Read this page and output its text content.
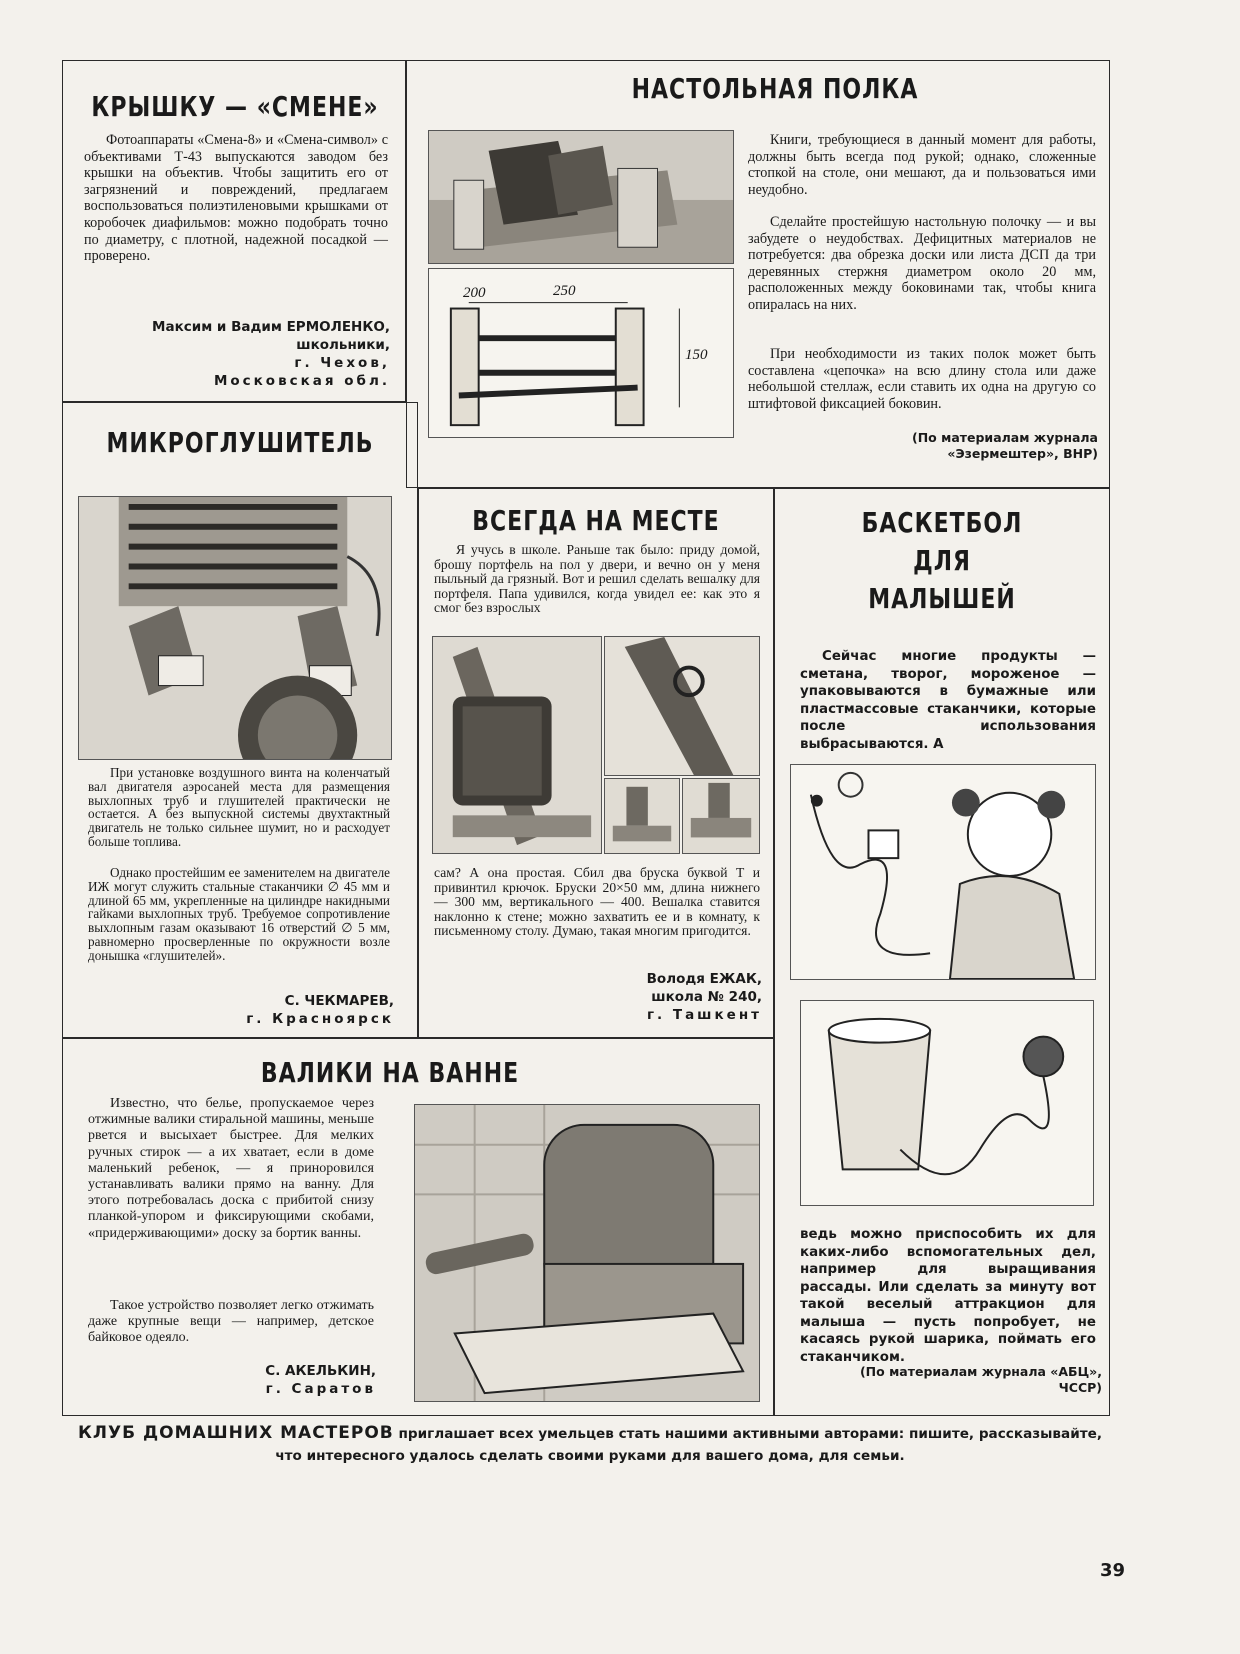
КРЫШКУ — «СМЕНЕ»
Фотоаппараты «Смена-8» и «Смена-символ» с объективами Т-43 выпускаются заводом без крышки на объектив. Чтобы защитить его от загрязнений и повреждений, предлагаем воспользоваться полиэтиленовыми крышками от коробочек диафильмов: можно подобрать точно по диаметру, с плотной, надежной посадкой — проверено.
Максим и Вадим ЕРМОЛЕНКО,
школьники,
г. Чехов,
Московская обл.
НАСТОЛЬНАЯ ПОЛКА
200	250
150
Книги, требующиеся в данный момент для работы, должны быть всегда под рукой; однако, сложенные стопкой на столе, они мешают, да и пользоваться ими неудобно.
Сделайте простейшую настольную полочку — и вы забудете о неудобствах. Дефицитных материалов не потребуется: два обрезка доски или листа ДСП да три деревянных стержня диаметром около 20 мм, расположенных между боковинами так, чтобы книга опиралась на них.
При необходимости из таких полок может быть составлена «цепочка» на всю длину стола или даже небольшой стеллаж, если ставить их одна на другую со штифтовой фиксацией боковин.
(По материалам журнала «Эзермештер», ВНР)
МИКРОГЛУШИТЕЛЬ
При установке воздушного винта на коленчатый вал двигателя аэросаней места для размещения выхлопных труб и глушителей практически не остается. А без выпускной системы двухтактный двигатель не только сильнее шумит, но и расходует больше топлива.
Однако простейшим ее заменителем на двигателе ИЖ могут служить стальные стаканчики ∅ 45 мм и длиной 65 мм, укрепленные на цилиндре накидными гайками выхлопных труб. Требуемое сопротивление выхлопным газам оказывают 16 отверстий ∅ 5 мм, равномерно просверленные по окружности возле донышка «глушителей».
С. ЧЕКМАРЕВ,
г. Красноярск
ВСЕГДА НА МЕСТЕ
Я учусь в школе. Раньше так было: приду домой, брошу портфель на пол у двери, и вечно он у меня пыльный да грязный. Вот и решил сделать вешалку для портфеля. Папа удивился, когда увидел ее: как это я смог без взрослых
сам? А она простая. Сбил два бруска буквой Т и привинтил крючок. Бруски 20×50 мм, длина нижнего — 300 мм, вертикального — 400. Вешалка ставится наклонно к стене; можно захватить ее и в комнату, к письменному столу. Думаю, такая многим пригодится.
Володя ЕЖАК,
школа № 240,
г. Ташкент
БАСКЕТБОЛ
ДЛЯ
МАЛЫШЕЙ
Сейчас многие продукты — сметана, творог, мороженое — упаковываются в бумажные или пластмассовые стаканчики, которые после использования выбрасываются. А
ведь можно приспособить их для каких-либо вспомогательных дел, например для выращивания рассады. Или сделать за минуту вот такой веселый аттракцион для малыша — пусть попробует, не касаясь рукой шарика, поймать его стаканчиком.
(По материалам журнала «АБЦ», ЧССР)
ВАЛИКИ НА ВАННЕ
Известно, что белье, пропускаемое через отжимные валики стиральной машины, меньше рвется и высыхает быстрее. Для мелких ручных стирок — а их хватает, если в доме маленький ребенок, — я приноровился устанавливать валики прямо на ванну. Для этого потребовалась доска с прибитой снизу планкой-упором и фиксирующими скобами, «придерживающими» доску за бортик ванны.
Такое устройство позволяет легко отжимать даже крупные вещи — например, детское байковое одеяло.
С. АКЕЛЬКИН,
г. Саратов
КЛУБ ДОМАШНИХ МАСТЕРОВ приглашает всех умельцев стать нашими активными авторами: пишите, рассказывайте,
что интересного удалось сделать своими руками для вашего дома, для семьи.
39
